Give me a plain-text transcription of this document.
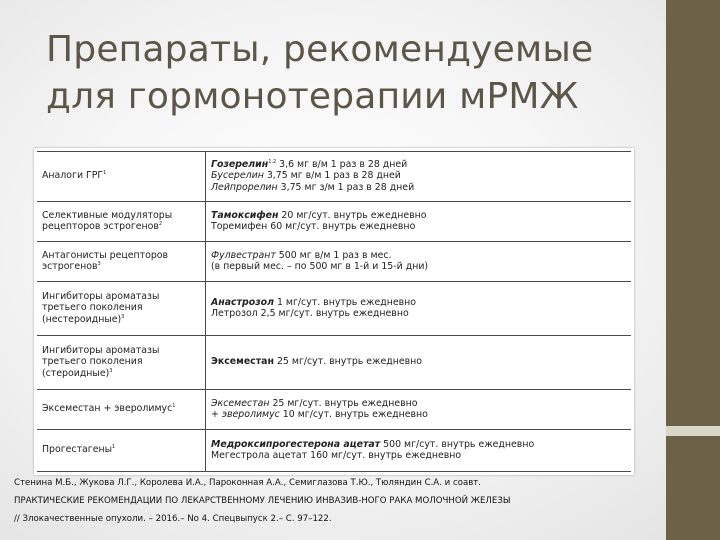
Препараты, рекомендуемые
для гормонотерапии мРМЖ
Аналоги ГРГ$^1$	Гозерелин$^{1,2}$ 3,6 мг в/м 1 раз в 28 дней
Бусерелин 3,75 мг в/м 1 раз в 28 дней
Лейпрорелин 3,75 мг з/м 1 раз в 28 дней

Селективные модуляторы рецепторов эстрогенов$^2$	Тамоксифен 20 мг/сут. внутрь ежедневно
Торемифен 60 мг/сут. внутрь ежедневно

Антагонисты рецепторов эстрогенов$^3$	Фулвестрант 500 мг в/м 1 раз в мес.
(в первый мес. – по 500 мг в 1-й и 15-й дни)

Ингибиторы ароматазы третьего поколения (нестероидные)$^3$	Анастрозол 1 мг/сут. внутрь ежедневно
Летрозол 2,5 мг/сут. внутрь ежедневно

Ингибиторы ароматазы третьего поколения (стероидные)$^3$	Эксеместан 25 мг/сут. внутрь ежедневно

Эксеместан + эверолимус$^1$	Эксеместан 25 мг/сут. внутрь ежедневно
+ эверолимус 10 мг/сут. внутрь ежедневно

Прогестагены$^1$	Медроксипрогестерона ацетат 500 мг/сут. внутрь ежедневно
Мегестрола ацетат 160 мг/сут. внутрь ежедневно
Стенина М.Б., Жукова Л.Г., Королева И.А., Пароконная А.А., Семиглазова Т.Ю., Тюляндин С.А. и соавт.
ПРАКТИЧЕСКИЕ РЕКОМЕНДАЦИИ ПО ЛЕКАРСТВЕННОМУ ЛЕЧЕНИЮ ИНВАЗИВ-НОГО РАКА МОЛОЧНОЙ ЖЕЛЕЗЫ
// Злокачественные опухоли. – 2016.– No 4. Спецвыпуск 2.– С. 97–122.
